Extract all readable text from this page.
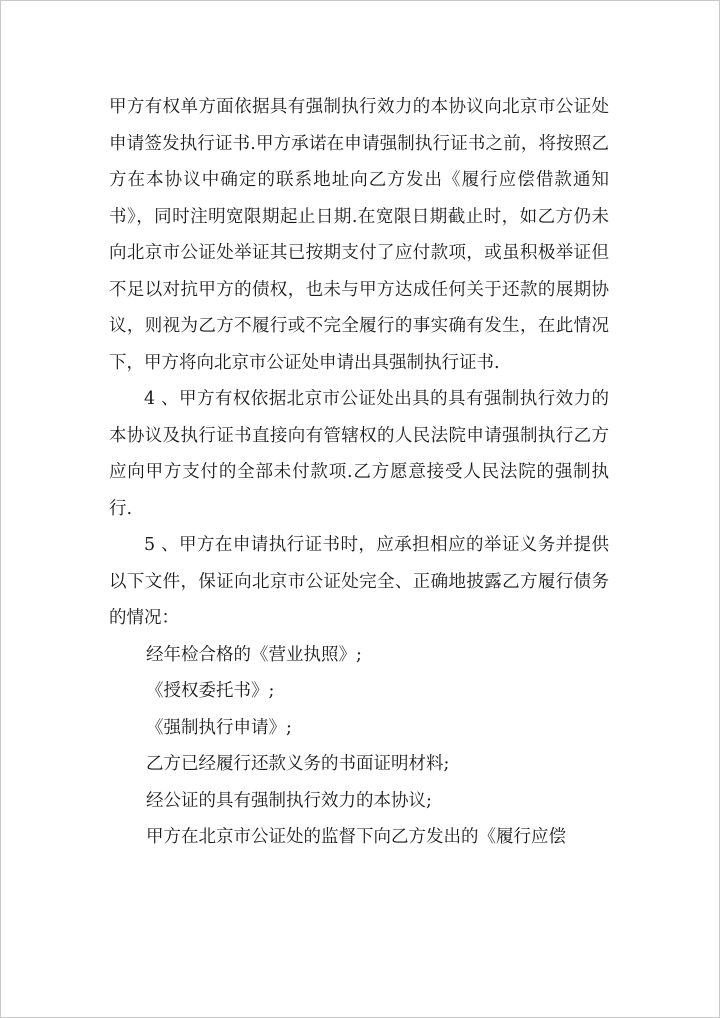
甲方有权单方面依据具有强制执行效力的本协议向北京市公证处申请签发执行证书.甲方承诺在申请强制执行证书之前，将按照乙方在本协议中确定的联系地址向乙方发出《履行应偿借款通知书》，同时注明宽限期起止日期.在宽限日期截止时，如乙方仍未向北京市公证处举证其已按期支付了应付款项，或虽积极举证但不足以对抗甲方的债权，也未与甲方达成任何关于还款的展期协议，则视为乙方不履行或不完全履行的事实确有发生，在此情况下，甲方将向北京市公证处申请出具强制执行证书.

4 、甲方有权依据北京市公证处出具的具有强制执行效力的本协议及执行证书直接向有管辖权的人民法院申请强制执行乙方应向甲方支付的全部未付款项.乙方愿意接受人民法院的强制执行.

5 、甲方在申请执行证书时，应承担相应的举证义务并提供以下文件，保证向北京市公证处完全、正确地披露乙方履行债务的情况：

经年检合格的《营业执照》;

《授权委托书》;

《强制执行申请》;

乙方已经履行还款义务的书面证明材料;

经公证的具有强制执行效力的本协议;

甲方在北京市公证处的监督下向乙方发出的《履行应偿
